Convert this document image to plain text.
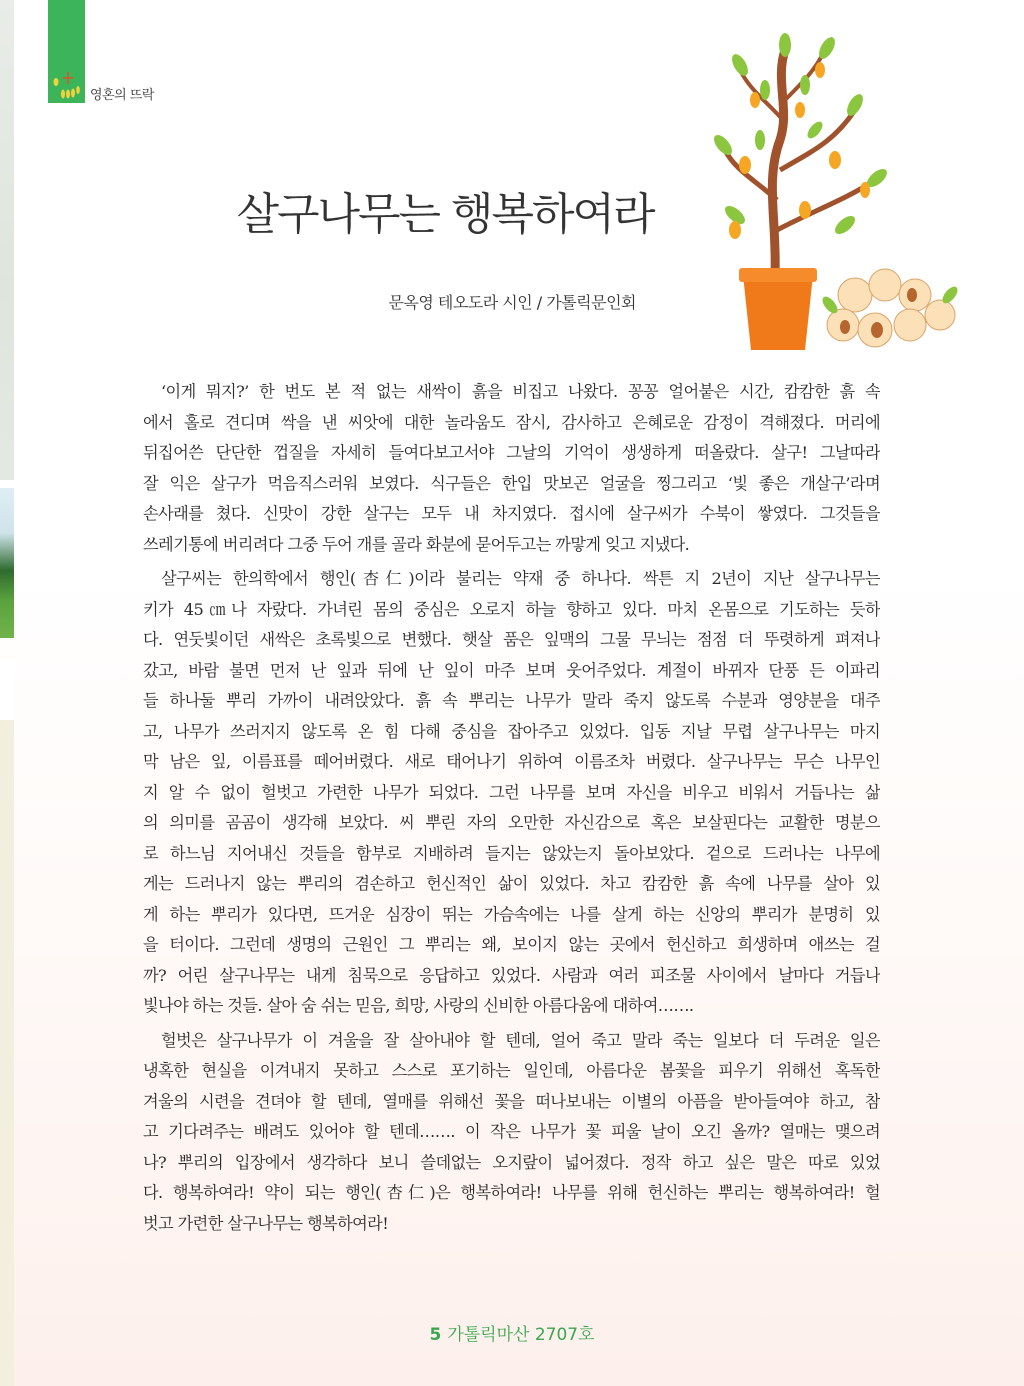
영혼의 뜨락
살구나무는 행복하여라
문옥영 테오도라 시인 / 가톨릭문인회
‘이게 뭐지?’ 한 번도 본 적 없는 새싹이 흙을 비집고 나왔다. 꽁꽁 얼어붙은 시간, 캄캄한 흙 속
에서 홀로 견디며 싹을 낸 씨앗에 대한 놀라움도 잠시, 감사하고 은혜로운 감정이 격해졌다. 머리에
뒤집어쓴 단단한 껍질을 자세히 들여다보고서야 그날의 기억이 생생하게 떠올랐다. 살구! 그날따라
잘 익은 살구가 먹음직스러워 보였다. 식구들은 한입 맛보곤 얼굴을 찡그리고 ‘빛 좋은 개살구’라며
손사래를 쳤다. 신맛이 강한 살구는 모두 내 차지였다. 접시에 살구씨가 수북이 쌓였다. 그것들을
쓰레기통에 버리려다 그중 두어 개를 골라 화분에 묻어두고는 까맣게 잊고 지냈다.
살구씨는 한의학에서 행인(杏仁)이라 불리는 약재 중 하나다. 싹튼 지 2년이 지난 살구나무는
키가 45㎝나 자랐다. 가녀린 몸의 중심은 오로지 하늘 향하고 있다. 마치 온몸으로 기도하는 듯하
다. 연둣빛이던 새싹은 초록빛으로 변했다. 햇살 품은 잎맥의 그물 무늬는 점점 더 뚜렷하게 펴져나
갔고, 바람 불면 먼저 난 잎과 뒤에 난 잎이 마주 보며 웃어주었다. 계절이 바뀌자 단풍 든 이파리
들 하나둘 뿌리 가까이 내려앉았다. 흙 속 뿌리는 나무가 말라 죽지 않도록 수분과 영양분을 대주
고, 나무가 쓰러지지 않도록 온 힘 다해 중심을 잡아주고 있었다. 입동 지날 무렵 살구나무는 마지
막 남은 잎, 이름표를 떼어버렸다. 새로 태어나기 위하여 이름조차 버렸다. 살구나무는 무슨 나무인
지 알 수 없이 헐벗고 가련한 나무가 되었다. 그런 나무를 보며 자신을 비우고 비워서 거듭나는 삶
의 의미를 곰곰이 생각해 보았다. 씨 뿌린 자의 오만한 자신감으로 혹은 보살핀다는 교활한 명분으
로 하느님 지어내신 것들을 함부로 지배하려 들지는 않았는지 돌아보았다. 겉으로 드러나는 나무에
게는 드러나지 않는 뿌리의 겸손하고 헌신적인 삶이 있었다. 차고 캄캄한 흙 속에 나무를 살아 있
게 하는 뿌리가 있다면, 뜨거운 심장이 뛰는 가슴속에는 나를 살게 하는 신앙의 뿌리가 분명히 있
을 터이다. 그런데 생명의 근원인 그 뿌리는 왜, 보이지 않는 곳에서 헌신하고 희생하며 애쓰는 걸
까? 어린 살구나무는 내게 침묵으로 응답하고 있었다. 사람과 여러 피조물 사이에서 날마다 거듭나
빛나야 하는 것들. 살아 숨 쉬는 믿음, 희망, 사랑의 신비한 아름다움에 대하여…….
헐벗은 살구나무가 이 겨울을 잘 살아내야 할 텐데, 얼어 죽고 말라 죽는 일보다 더 두려운 일은
냉혹한 현실을 이겨내지 못하고 스스로 포기하는 일인데, 아름다운 봄꽃을 피우기 위해선 혹독한
겨울의 시련을 견뎌야 할 텐데, 열매를 위해선 꽃을 떠나보내는 이별의 아픔을 받아들여야 하고, 참
고 기다려주는 배려도 있어야 할 텐데……. 이 작은 나무가 꽃 피울 날이 오긴 올까? 열매는 맺으려
나? 뿌리의 입장에서 생각하다 보니 쓸데없는 오지랖이 넓어졌다. 정작 하고 싶은 말은 따로 있었
다. 행복하여라! 약이 되는 행인(杏仁)은 행복하여라! 나무를 위해 헌신하는 뿌리는 행복하여라! 헐
벗고 가련한 살구나무는 행복하여라!
5 가톨릭마산 2707호
